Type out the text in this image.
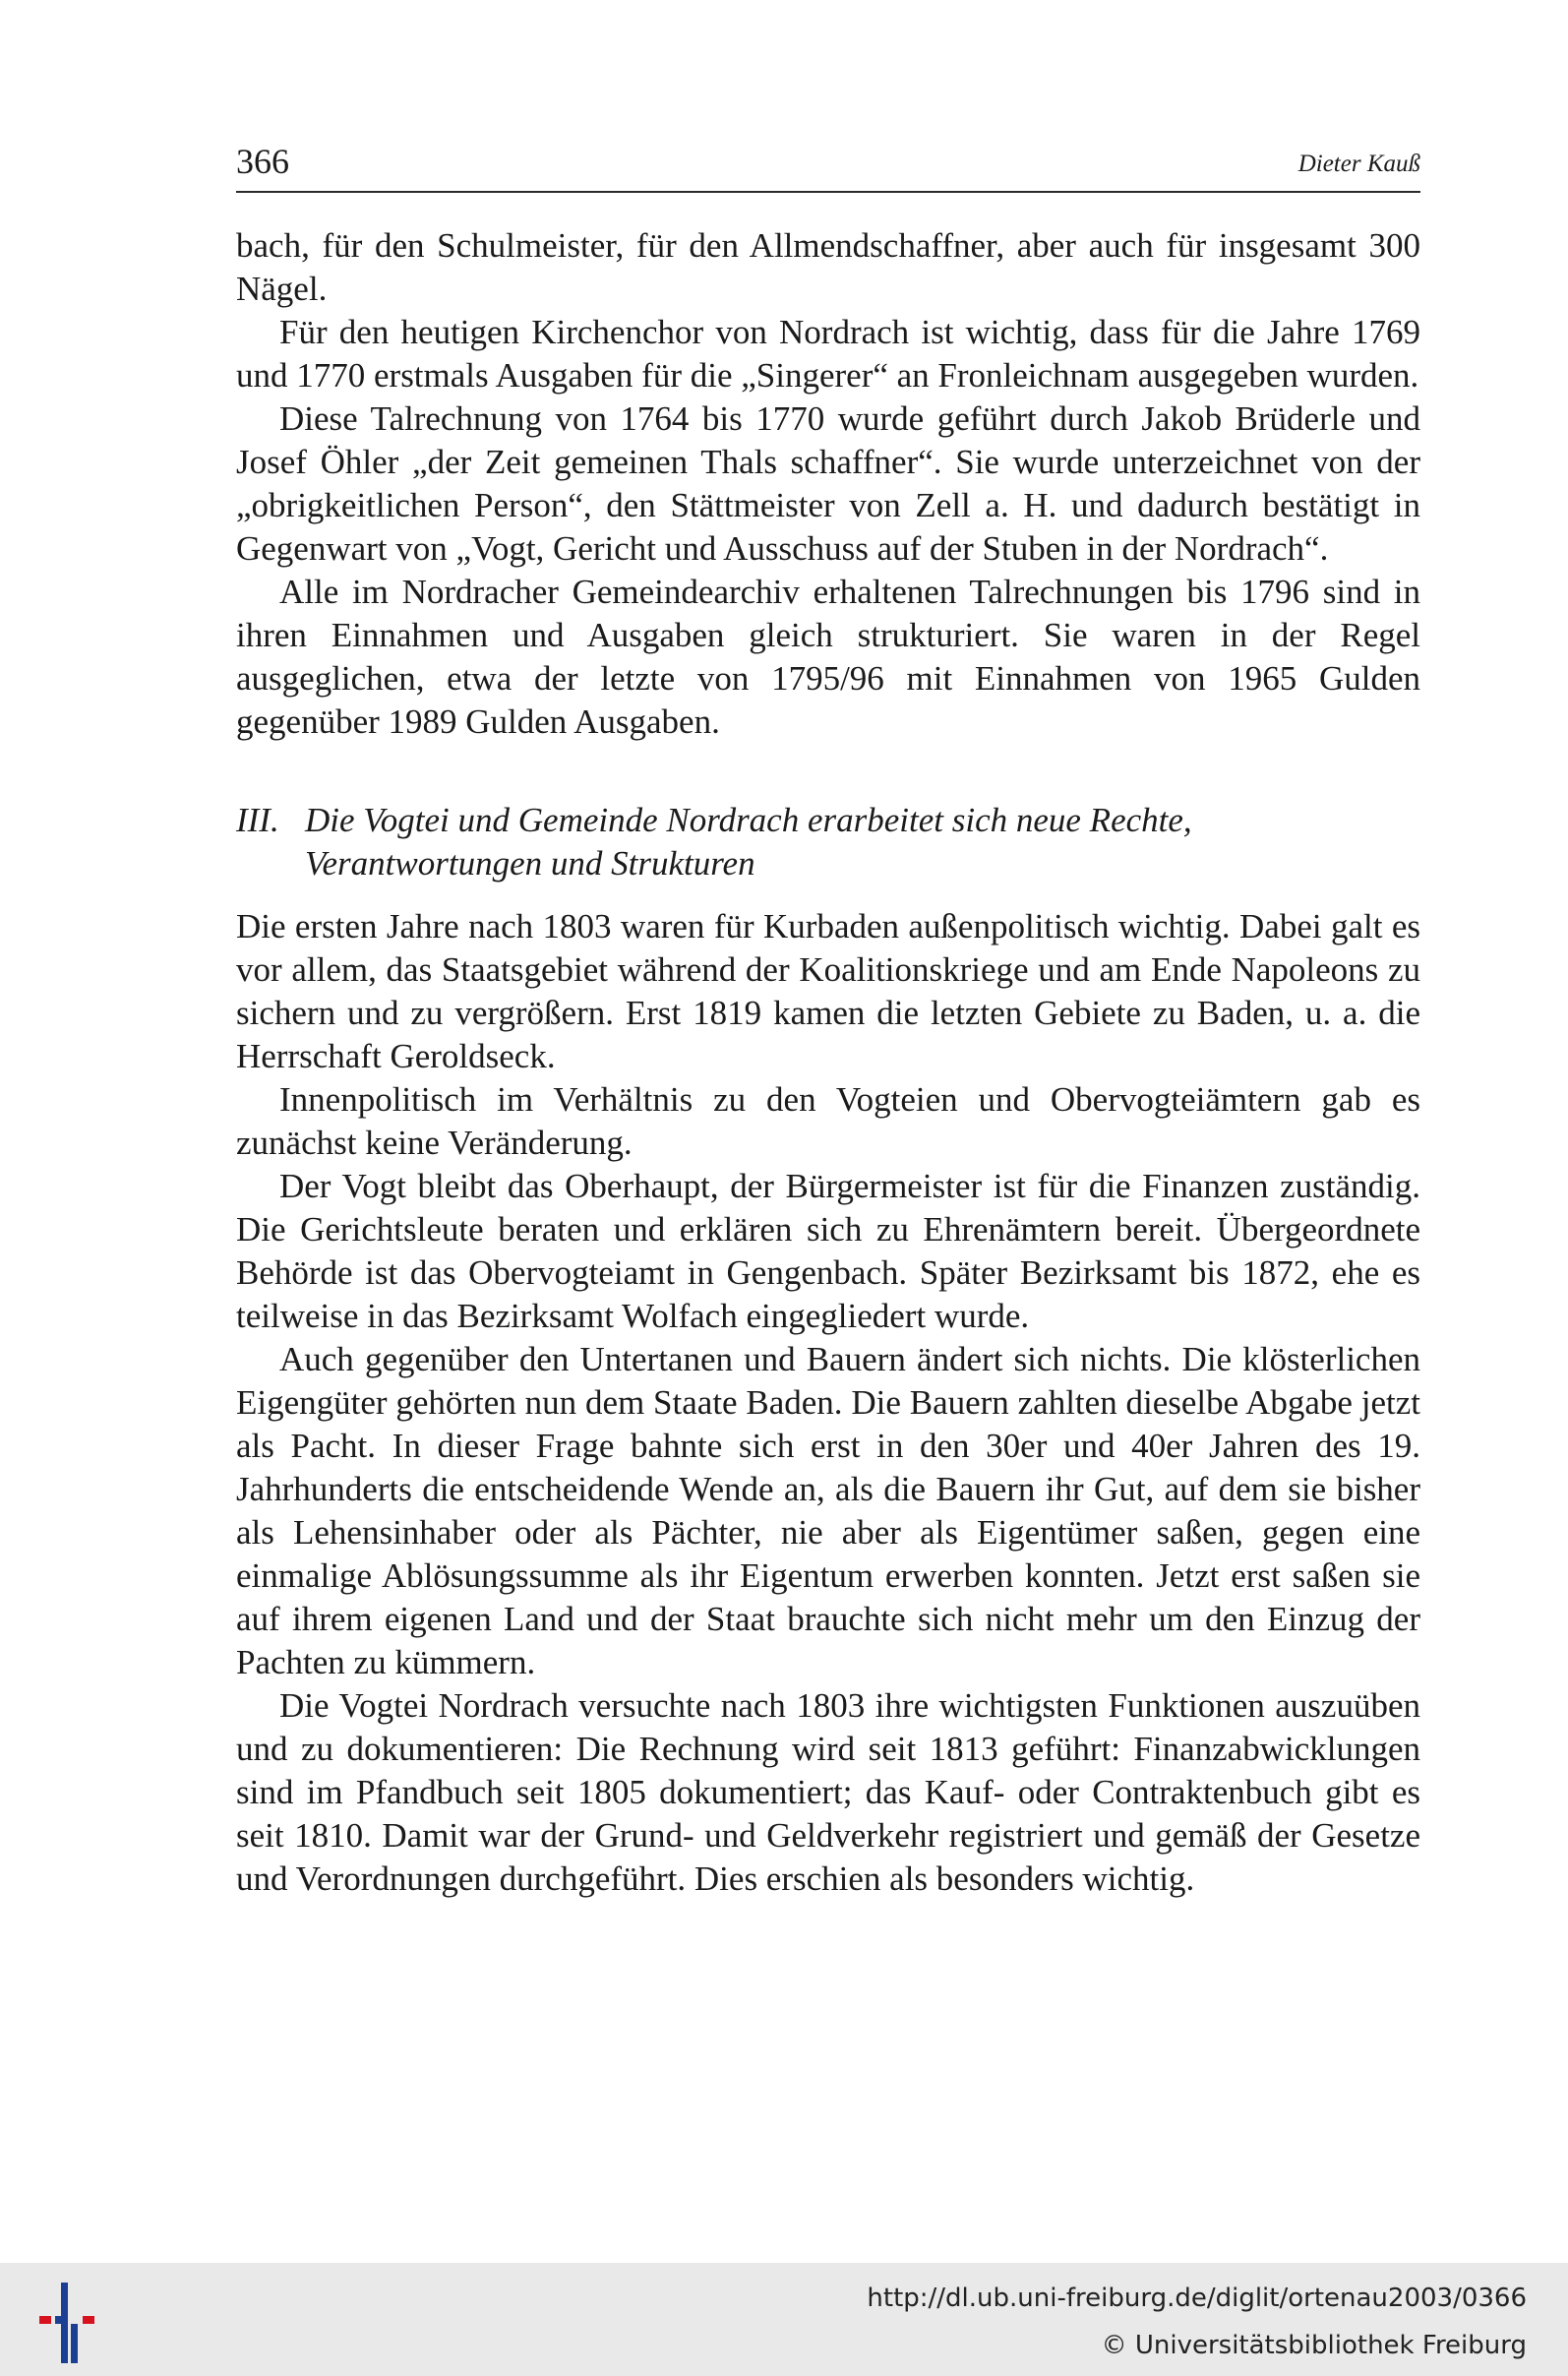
366	Dieter Kauß

bach, für den Schulmeister, für den Allmendschaffner, aber auch für insgesamt 300 Nägel.

Für den heutigen Kirchenchor von Nordrach ist wichtig, dass für die Jahre 1769 und 1770 erstmals Ausgaben für die „Singerer“ an Fronleichnam ausgegeben wurden.

Diese Talrechnung von 1764 bis 1770 wurde geführt durch Jakob Brüderle und Josef Öhler „der Zeit gemeinen Thals schaffner“. Sie wurde unterzeichnet von der „obrigkeitlichen Person“, den Stättmeister von Zell a. H. und dadurch bestätigt in Gegenwart von „Vogt, Gericht und Ausschuss auf der Stuben in der Nordrach“.

Alle im Nordracher Gemeindearchiv erhaltenen Talrechnungen bis 1796 sind in ihren Einnahmen und Ausgaben gleich strukturiert. Sie waren in der Regel ausgeglichen, etwa der letzte von 1795/96 mit Einnahmen von 1965 Gulden gegenüber 1989 Gulden Ausgaben.

III. Die Vogtei und Gemeinde Nordrach erarbeitet sich neue Rechte,
Verantwortungen und Strukturen

Die ersten Jahre nach 1803 waren für Kurbaden außenpolitisch wichtig. Dabei galt es vor allem, das Staatsgebiet während der Koalitionskriege und am Ende Napoleons zu sichern und zu vergrößern. Erst 1819 kamen die letzten Gebiete zu Baden, u. a. die Herrschaft Geroldseck.

Innenpolitisch im Verhältnis zu den Vogteien und Obervogteiämtern gab es zunächst keine Veränderung.

Der Vogt bleibt das Oberhaupt, der Bürgermeister ist für die Finanzen zuständig. Die Gerichtsleute beraten und erklären sich zu Ehrenämtern bereit. Übergeordnete Behörde ist das Obervogteiamt in Gengenbach. Später Bezirksamt bis 1872, ehe es teilweise in das Bezirksamt Wolfach eingegliedert wurde.

Auch gegenüber den Untertanen und Bauern ändert sich nichts. Die klösterlichen Eigengüter gehörten nun dem Staate Baden. Die Bauern zahlten dieselbe Abgabe jetzt als Pacht. In dieser Frage bahnte sich erst in den 30er und 40er Jahren des 19. Jahrhunderts die entscheidende Wende an, als die Bauern ihr Gut, auf dem sie bisher als Lehensinhaber oder als Pächter, nie aber als Eigentümer saßen, gegen eine einmalige Ablösungssumme als ihr Eigentum erwerben konnten. Jetzt erst saßen sie auf ihrem eigenen Land und der Staat brauchte sich nicht mehr um den Einzug der Pachten zu kümmern.

Die Vogtei Nordrach versuchte nach 1803 ihre wichtigsten Funktionen auszuüben und zu dokumentieren: Die Rechnung wird seit 1813 geführt: Finanzabwicklungen sind im Pfandbuch seit 1805 dokumentiert; das Kauf- oder Contraktenbuch gibt es seit 1810. Damit war der Grund- und Geldverkehr registriert und gemäß der Gesetze und Verordnungen durchgeführt. Dies erschien als besonders wichtig.

http://dl.ub.uni-freiburg.de/diglit/ortenau2003/0366
© Universitätsbibliothek Freiburg
